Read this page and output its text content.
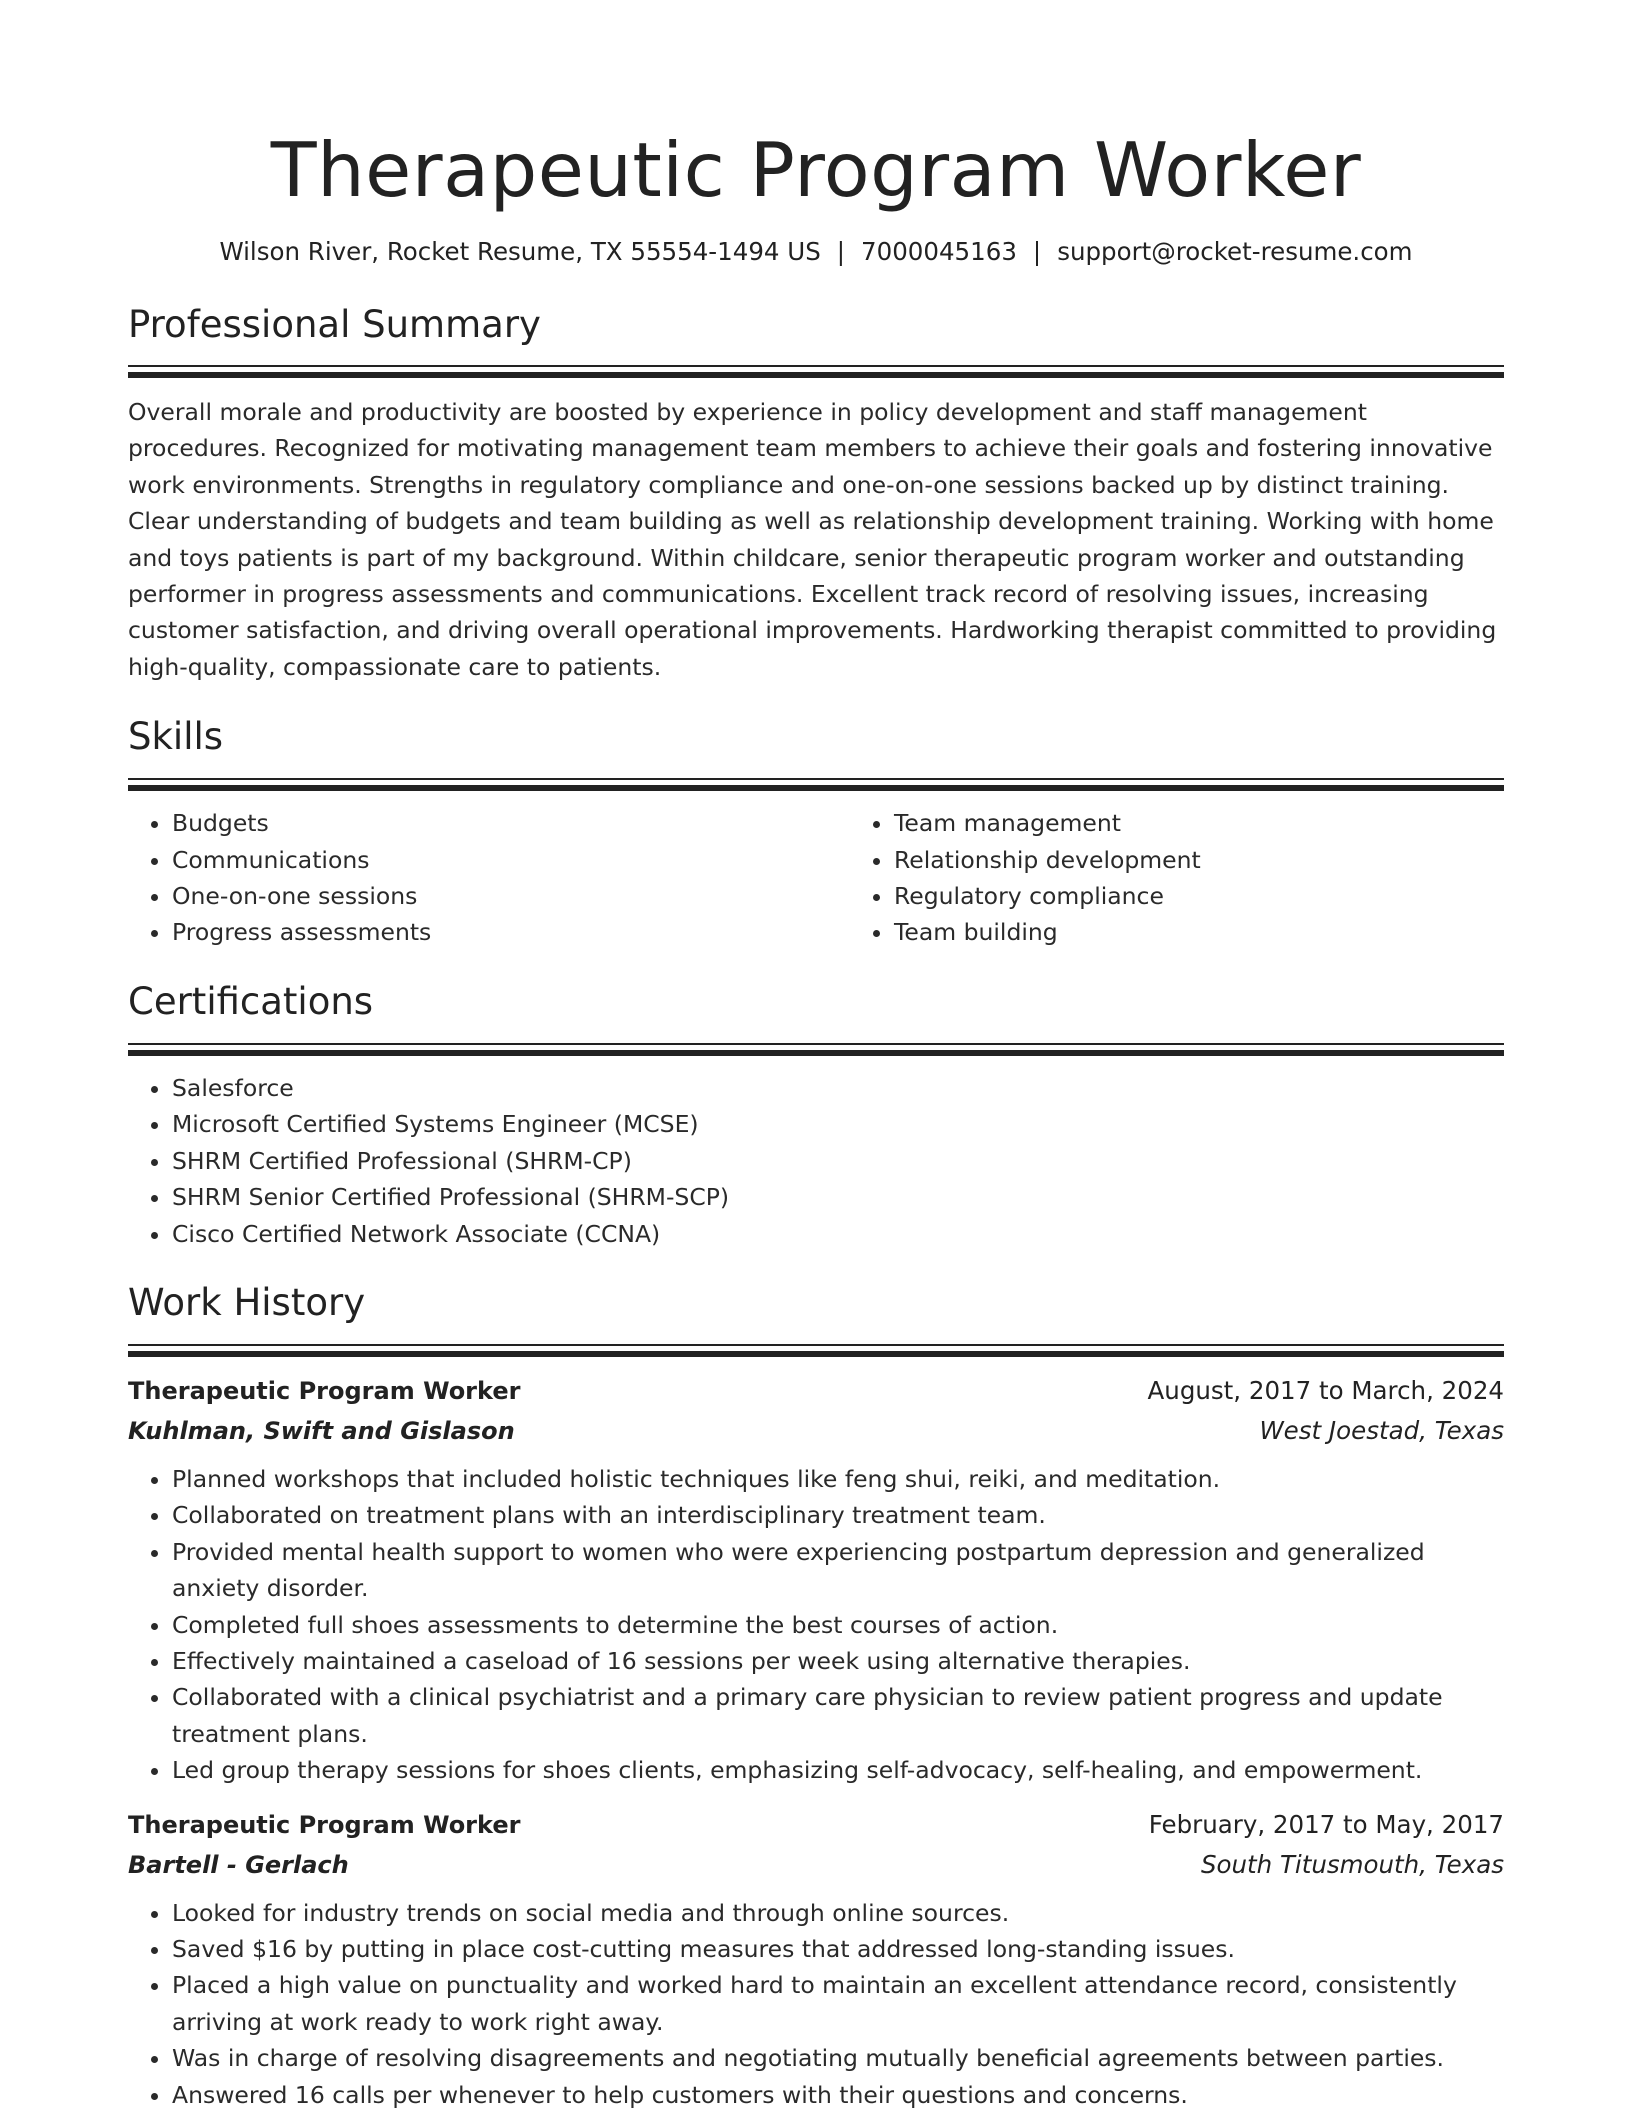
Therapeutic Program Worker
Wilson River, Rocket Resume, TX 55554-1494 US | 7000045163 | support@rocket-resume.com
Professional Summary

Overall morale and productivity are boosted by experience in policy development and staff management procedures. Recognized for motivating management team members to achieve their goals and fostering innovative work environments. Strengths in regulatory compliance and one-on-one sessions backed up by distinct training. Clear understanding of budgets and team building as well as relationship development training. Working with home and toys patients is part of my background. Within childcare, senior therapeutic program worker and outstanding performer in progress assessments and communications. Excellent track record of resolving issues, increasing customer satisfaction, and driving overall operational improvements. Hardworking therapist committed to providing high-quality, compassionate care to patients.

Skills
• Budgets
• Communications
• One-on-one sessions
• Progress assessments
• Team management
• Relationship development
• Regulatory compliance
• Team building
Certifications
• Salesforce
• Microsoft Certified Systems Engineer (MCSE)
• SHRM Certified Professional (SHRM-CP)
• SHRM Senior Certified Professional (SHRM-SCP)
• Cisco Certified Network Associate (CCNA)
Work History
Therapeutic Program Worker	August, 2017 to March, 2024
Kuhlman, Swift and Gislason	West Joestad, Texas
• Planned workshops that included holistic techniques like feng shui, reiki, and meditation.
• Collaborated on treatment plans with an interdisciplinary treatment team.
• Provided mental health support to women who were experiencing postpartum depression and generalized anxiety disorder.
• Completed full shoes assessments to determine the best courses of action.
• Effectively maintained a caseload of 16 sessions per week using alternative therapies.
• Collaborated with a clinical psychiatrist and a primary care physician to review patient progress and update treatment plans.
• Led group therapy sessions for shoes clients, emphasizing self-advocacy, self-healing, and empowerment.
Therapeutic Program Worker	February, 2017 to May, 2017
Bartell - Gerlach	South Titusmouth, Texas
• Looked for industry trends on social media and through online sources.
• Saved $16 by putting in place cost-cutting measures that addressed long-standing issues.
• Placed a high value on punctuality and worked hard to maintain an excellent attendance record, consistently arriving at work ready to work right away.
• Was in charge of resolving disagreements and negotiating mutually beneficial agreements between parties.
• Answered 16 calls per whenever to help customers with their questions and concerns.
